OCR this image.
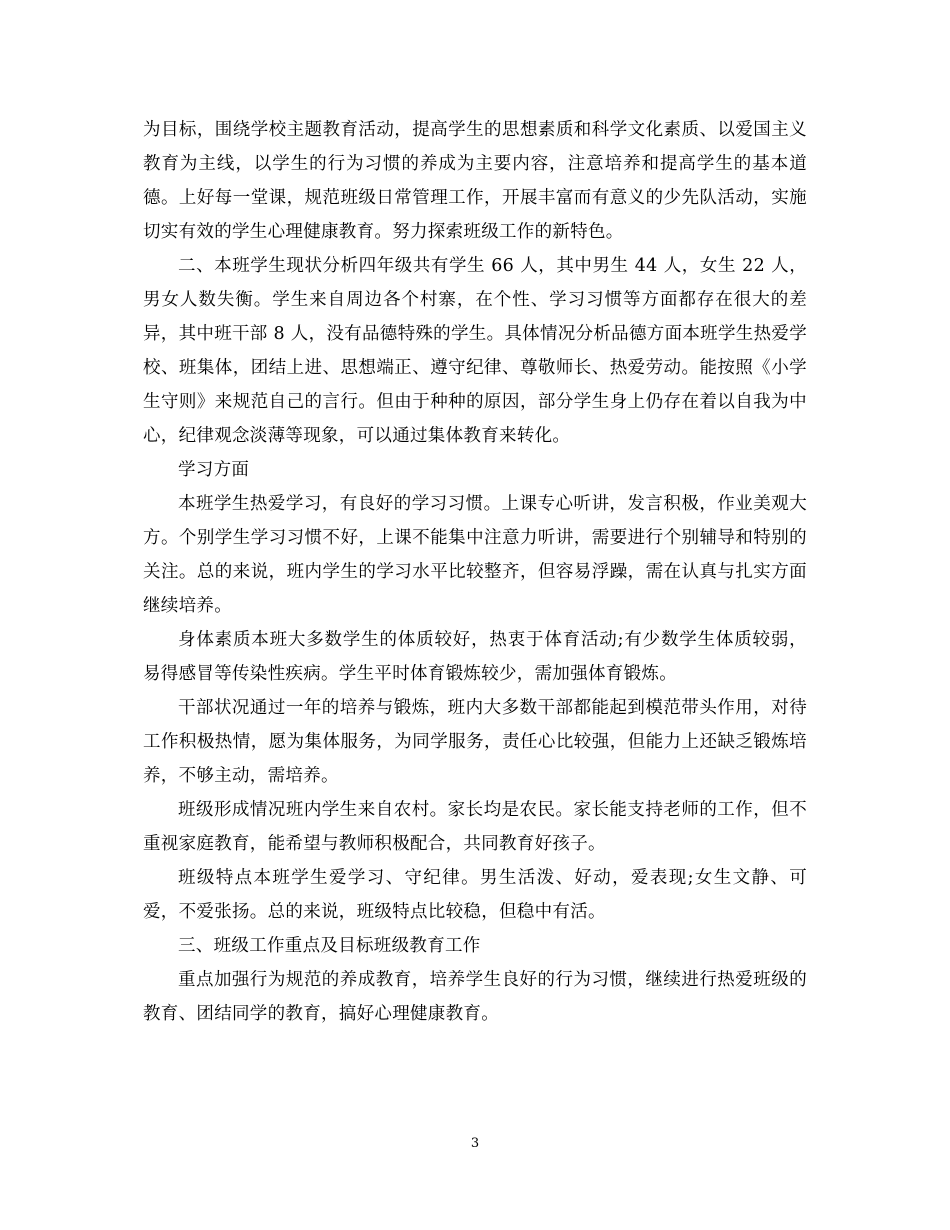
为目标，围绕学校主题教育活动，提高学生的思想素质和科学文化素质、以爱国主义教育为主线，以学生的行为习惯的养成为主要内容，注意培养和提高学生的基本道德。上好每一堂课，规范班级日常管理工作，开展丰富而有意义的少先队活动，实施切实有效的学生心理健康教育。努力探索班级工作的新特色。

二、本班学生现状分析四年级共有学生 66 人，其中男生 44 人，女生 22 人，男女人数失衡。学生来自周边各个村寨，在个性、学习习惯等方面都存在很大的差异，其中班干部 8 人，没有品德特殊的学生。具体情况分析品德方面本班学生热爱学校、班集体，团结上进、思想端正、遵守纪律、尊敬师长、热爱劳动。能按照《小学生守则》来规范自己的言行。但由于种种的原因，部分学生身上仍存在着以自我为中心，纪律观念淡薄等现象，可以通过集体教育来转化。

学习方面

本班学生热爱学习，有良好的学习习惯。上课专心听讲，发言积极，作业美观大方。个别学生学习习惯不好，上课不能集中注意力听讲，需要进行个别辅导和特别的关注。总的来说，班内学生的学习水平比较整齐，但容易浮躁，需在认真与扎实方面继续培养。

身体素质本班大多数学生的体质较好，热衷于体育活动;有少数学生体质较弱，易得感冒等传染性疾病。学生平时体育锻炼较少，需加强体育锻炼。

干部状况通过一年的培养与锻炼，班内大多数干部都能起到模范带头作用，对待工作积极热情，愿为集体服务，为同学服务，责任心比较强，但能力上还缺乏锻炼培养，不够主动，需培养。

班级形成情况班内学生来自农村。家长均是农民。家长能支持老师的工作，但不重视家庭教育，能希望与教师积极配合，共同教育好孩子。

班级特点本班学生爱学习、守纪律。男生活泼、好动，爱表现;女生文静、可爱，不爱张扬。总的来说，班级特点比较稳，但稳中有活。

三、班级工作重点及目标班级教育工作

重点加强行为规范的养成教育，培养学生良好的行为习惯，继续进行热爱班级的教育、团结同学的教育，搞好心理健康教育。

3
